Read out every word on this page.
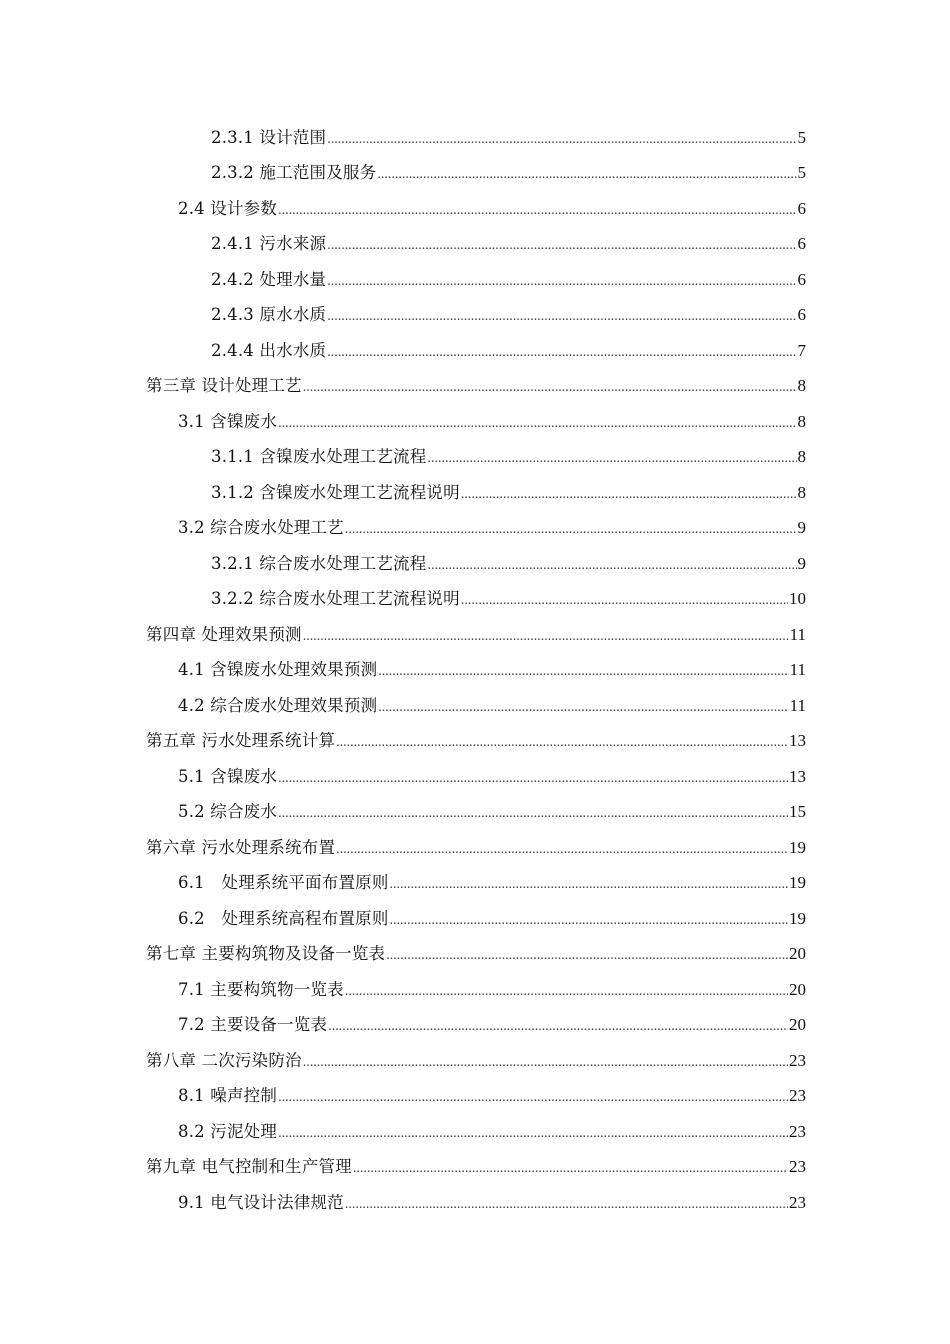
2.3.1 设计范围 .....	5
2.3.2 施工范围及服务 .....	5
2.4 设计参数 .....	6
2.4.1 污水来源 .....	6
2.4.2 处理水量 .....	6
2.4.3 原水水质 .....	6
2.4.4 出水水质 .....	7
第三章 设计处理工艺 .....	8
3.1 含镍废水 .....	8
3.1.1 含镍废水处理工艺流程 .....	8
3.1.2 含镍废水处理工艺流程说明 .....	8
3.2 综合废水处理工艺 .....	9
3.2.1 综合废水处理工艺流程 .....	9
3.2.2 综合废水处理工艺流程说明 .....	10
第四章 处理效果预测 .....	11
4.1 含镍废水处理效果预测 .....	11
4.2 综合废水处理效果预测 .....	11
第五章 污水处理系统计算 .....	13
5.1 含镍废水 .....	13
5.2 综合废水 .....	15
第六章 污水处理系统布置 .....	19
6.1　处理系统平面布置原则 .....	19
6.2　处理系统高程布置原则 .....	19
第七章 主要构筑物及设备一览表 .....	20
7.1 主要构筑物一览表 .....	20
7.2 主要设备一览表 .....	20
第八章 二次污染防治 .....	23
8.1 噪声控制 .....	23
8.2 污泥处理 .....	23
第九章 电气控制和生产管理 .....	23
9.1 电气设计法律规范 .....	23
